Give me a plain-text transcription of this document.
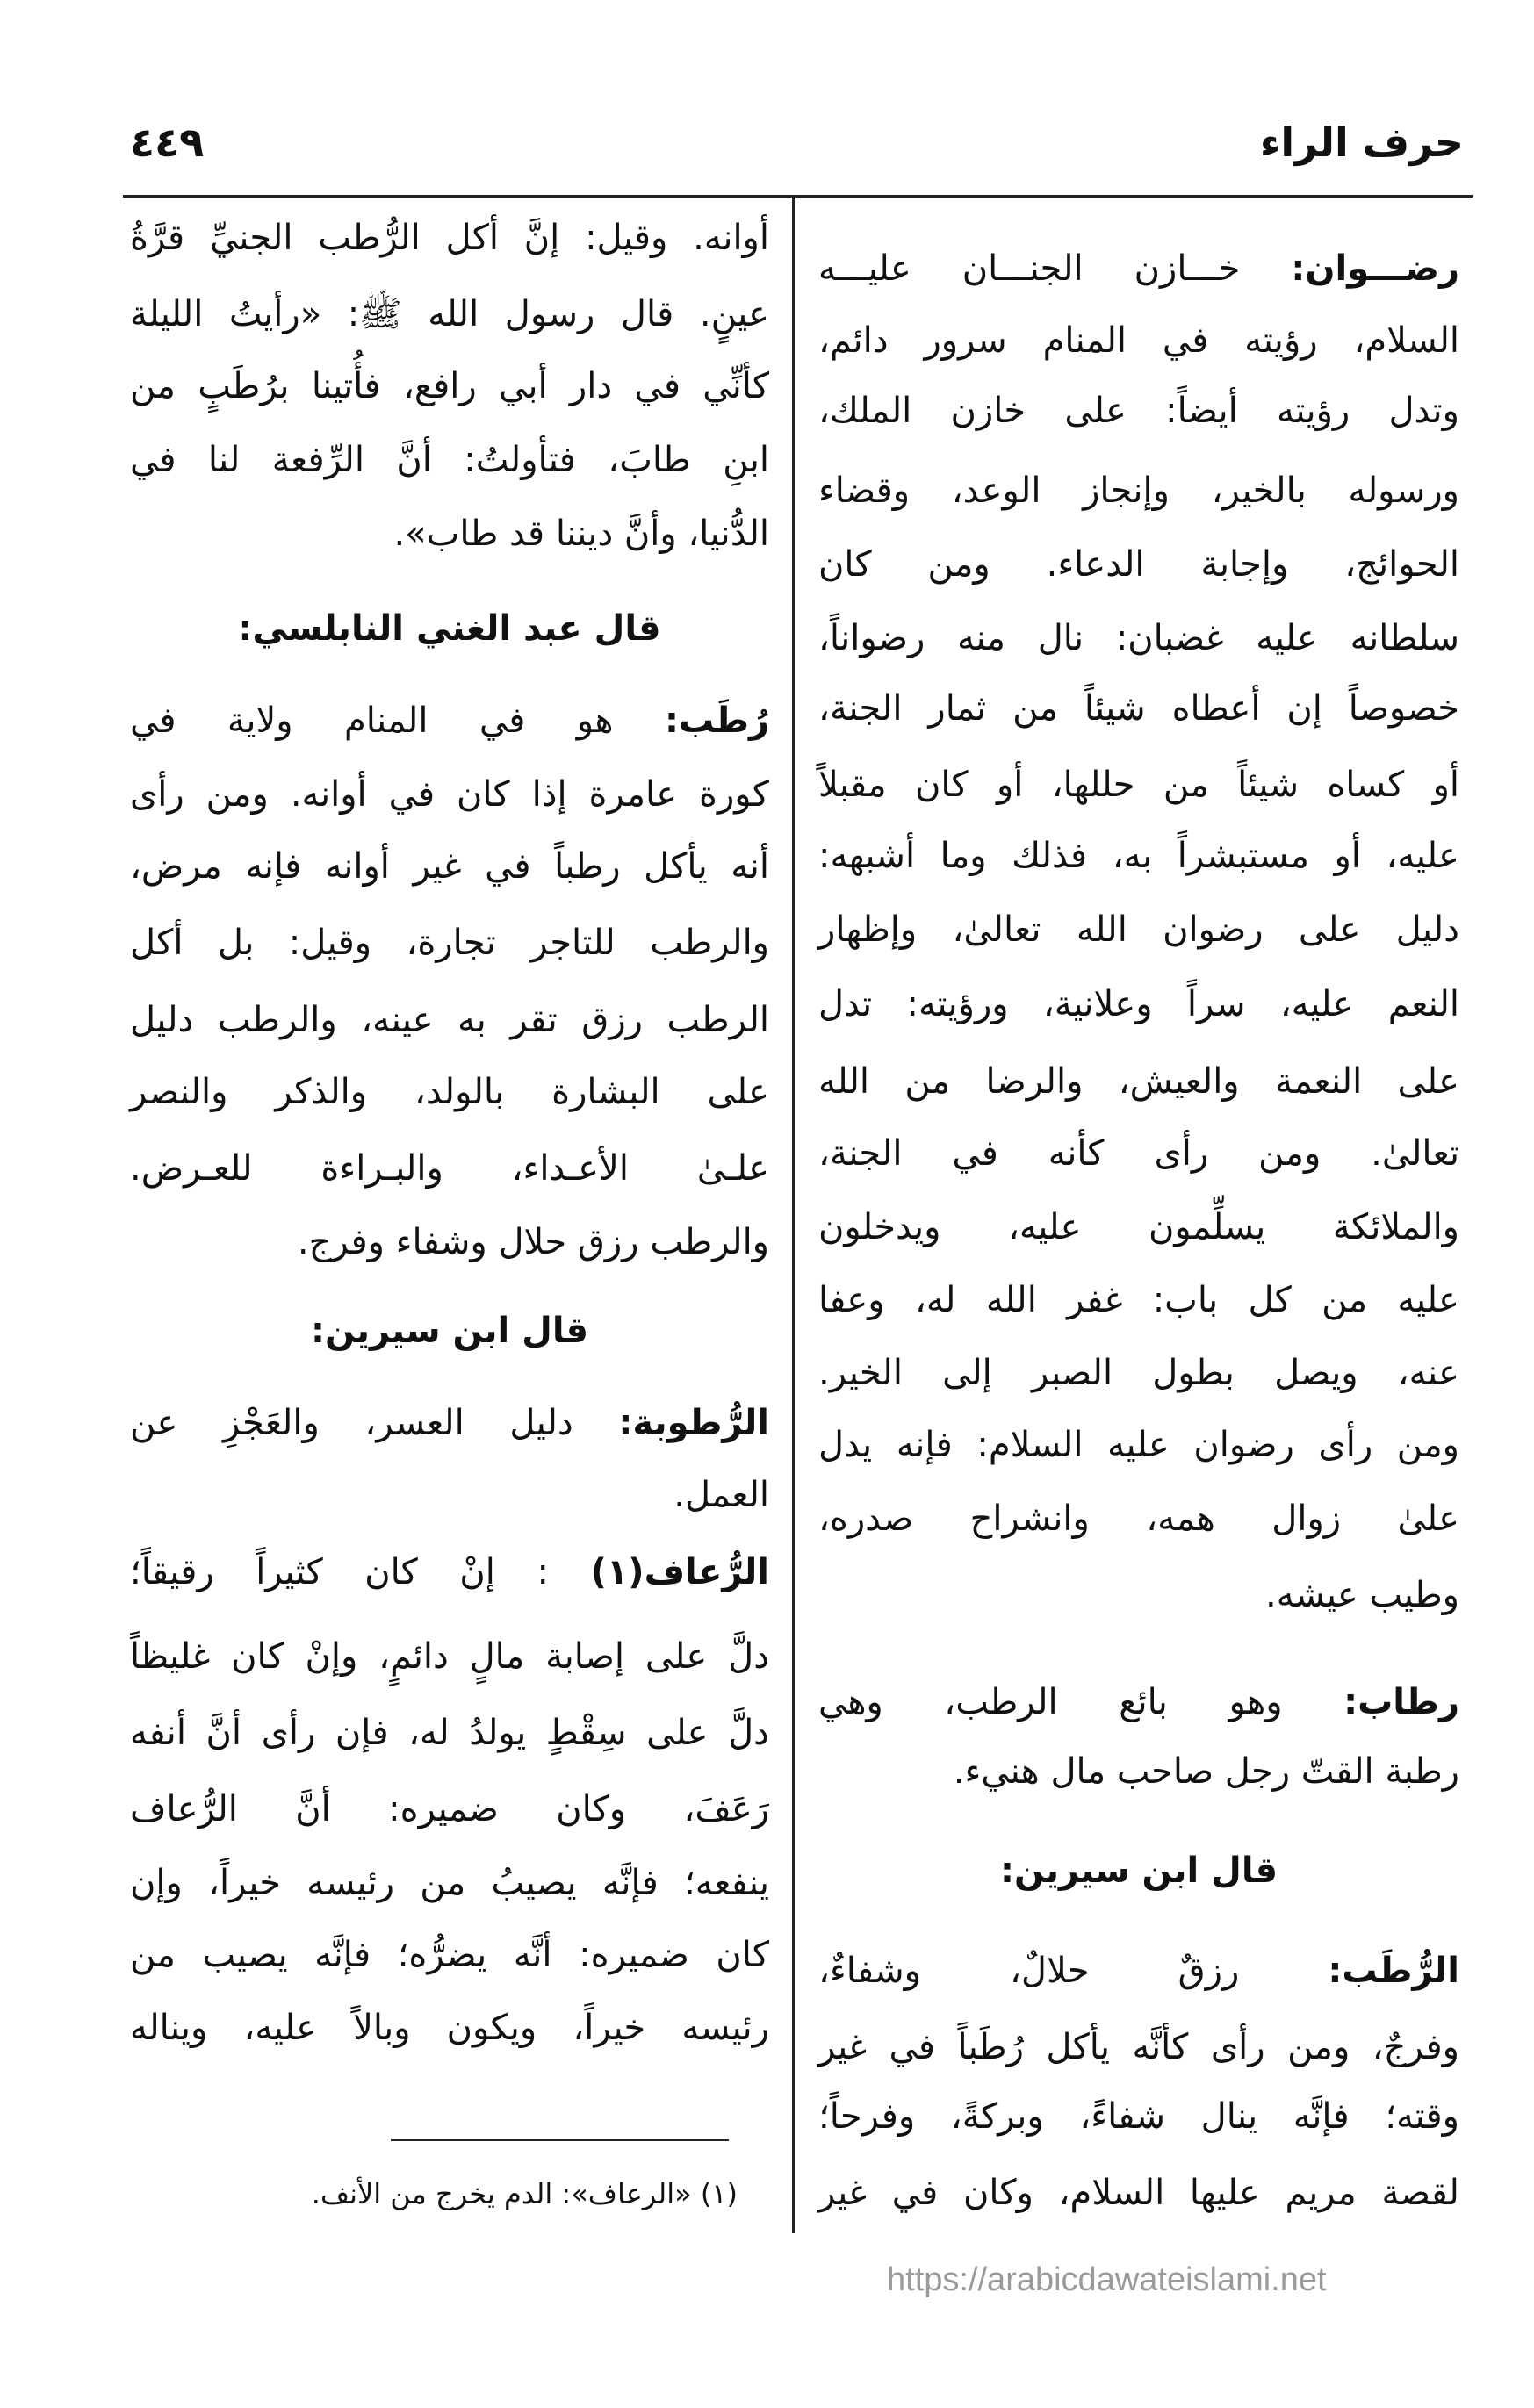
حرف الراء
٤٤٩
رضـــوان: خـــازن الجنـــان عليـــه
السلام، رؤيته في المنام سرور دائم،
وتدل رؤيته أيضاً: على خازن الملك،
ورسوله بالخير، وإنجاز الوعد، وقضاء
الحوائج، وإجابة الدعاء. ومن كان
سلطانه عليه غضبان: نال منه رضواناً،
خصوصاً إن أعطاه شيئاً من ثمار الجنة،
أو كساه شيئاً من حللها، أو كان مقبلاً
عليه، أو مستبشراً به، فذلك وما أشبهه:
دليل على رضوان الله تعالىٰ، وإظهار
النعم عليه، سراً وعلانية، ورؤيته: تدل
على النعمة والعيش، والرضا من الله
تعالىٰ. ومن رأى كأنه في الجنة،
والملائكة يسلِّمون عليه، ويدخلون
عليه من كل باب: غفر الله له، وعفا
عنه، ويصل بطول الصبر إلى الخير.
ومن رأى رضوان عليه السلام: فإنه يدل
علىٰ زوال همه، وانشراح صدره،
وطيب عيشه.
رطاب: وهو بائع الرطب، وهي
رطبة القتّ رجل صاحب مال هنيء.
قال ابن سيرين:
الرُّطَب: رزقٌ حلالٌ، وشفاءٌ،
وفرجٌ، ومن رأى كأنَّه يأكل رُطَباً في غير
وقته؛ فإنَّه ينال شفاءً، وبركةً، وفرحاً؛
لقصة مريم عليها السلام، وكان في غير
أوانه. وقيل: إنَّ أكل الرُّطب الجنيِّ قرَّةُ
عينٍ. قال رسول الله ﷺ: «رأيتُ الليلة
كأنِّي في دار أبي رافع، فأُتينا برُطَبٍ من
ابنِ طابَ، فتأولتُ: أنَّ الرِّفعة لنا في
الدُّنيا، وأنَّ ديننا قد طاب».
قال عبد الغني النابلسي:
رُطَب: هو في المنام ولاية في
كورة عامرة إذا كان في أوانه. ومن رأى
أنه يأكل رطباً في غير أوانه فإنه مرض،
والرطب للتاجر تجارة، وقيل: بل أكل
الرطب رزق تقر به عينه، والرطب دليل
على البشارة بالولد، والذكر والنصر
علـىٰ الأعـداء، والبـراءة للعـرض.
والرطب رزق حلال وشفاء وفرج.
قال ابن سيرين:
الرُّطوبة: دليل العسر، والعَجْزِ عن
العمل.
الرُّعاف(١) : إنْ كان كثيراً رقيقاً؛
دلَّ على إصابة مالٍ دائمٍ، وإنْ كان غليظاً
دلَّ على سِقْطٍ يولدُ له، فإن رأى أنَّ أنفه
رَعَفَ، وكان ضميره: أنَّ الرُّعاف
ينفعه؛ فإنَّه يصيبُ من رئيسه خيراً، وإن
كان ضميره: أنَّه يضرُّه؛ فإنَّه يصيب من
رئيسه خيراً، ويكون وبالاً عليه، ويناله
(١) «الرعاف»: الدم يخرج من الأنف.
https://arabicdawateislami.net
